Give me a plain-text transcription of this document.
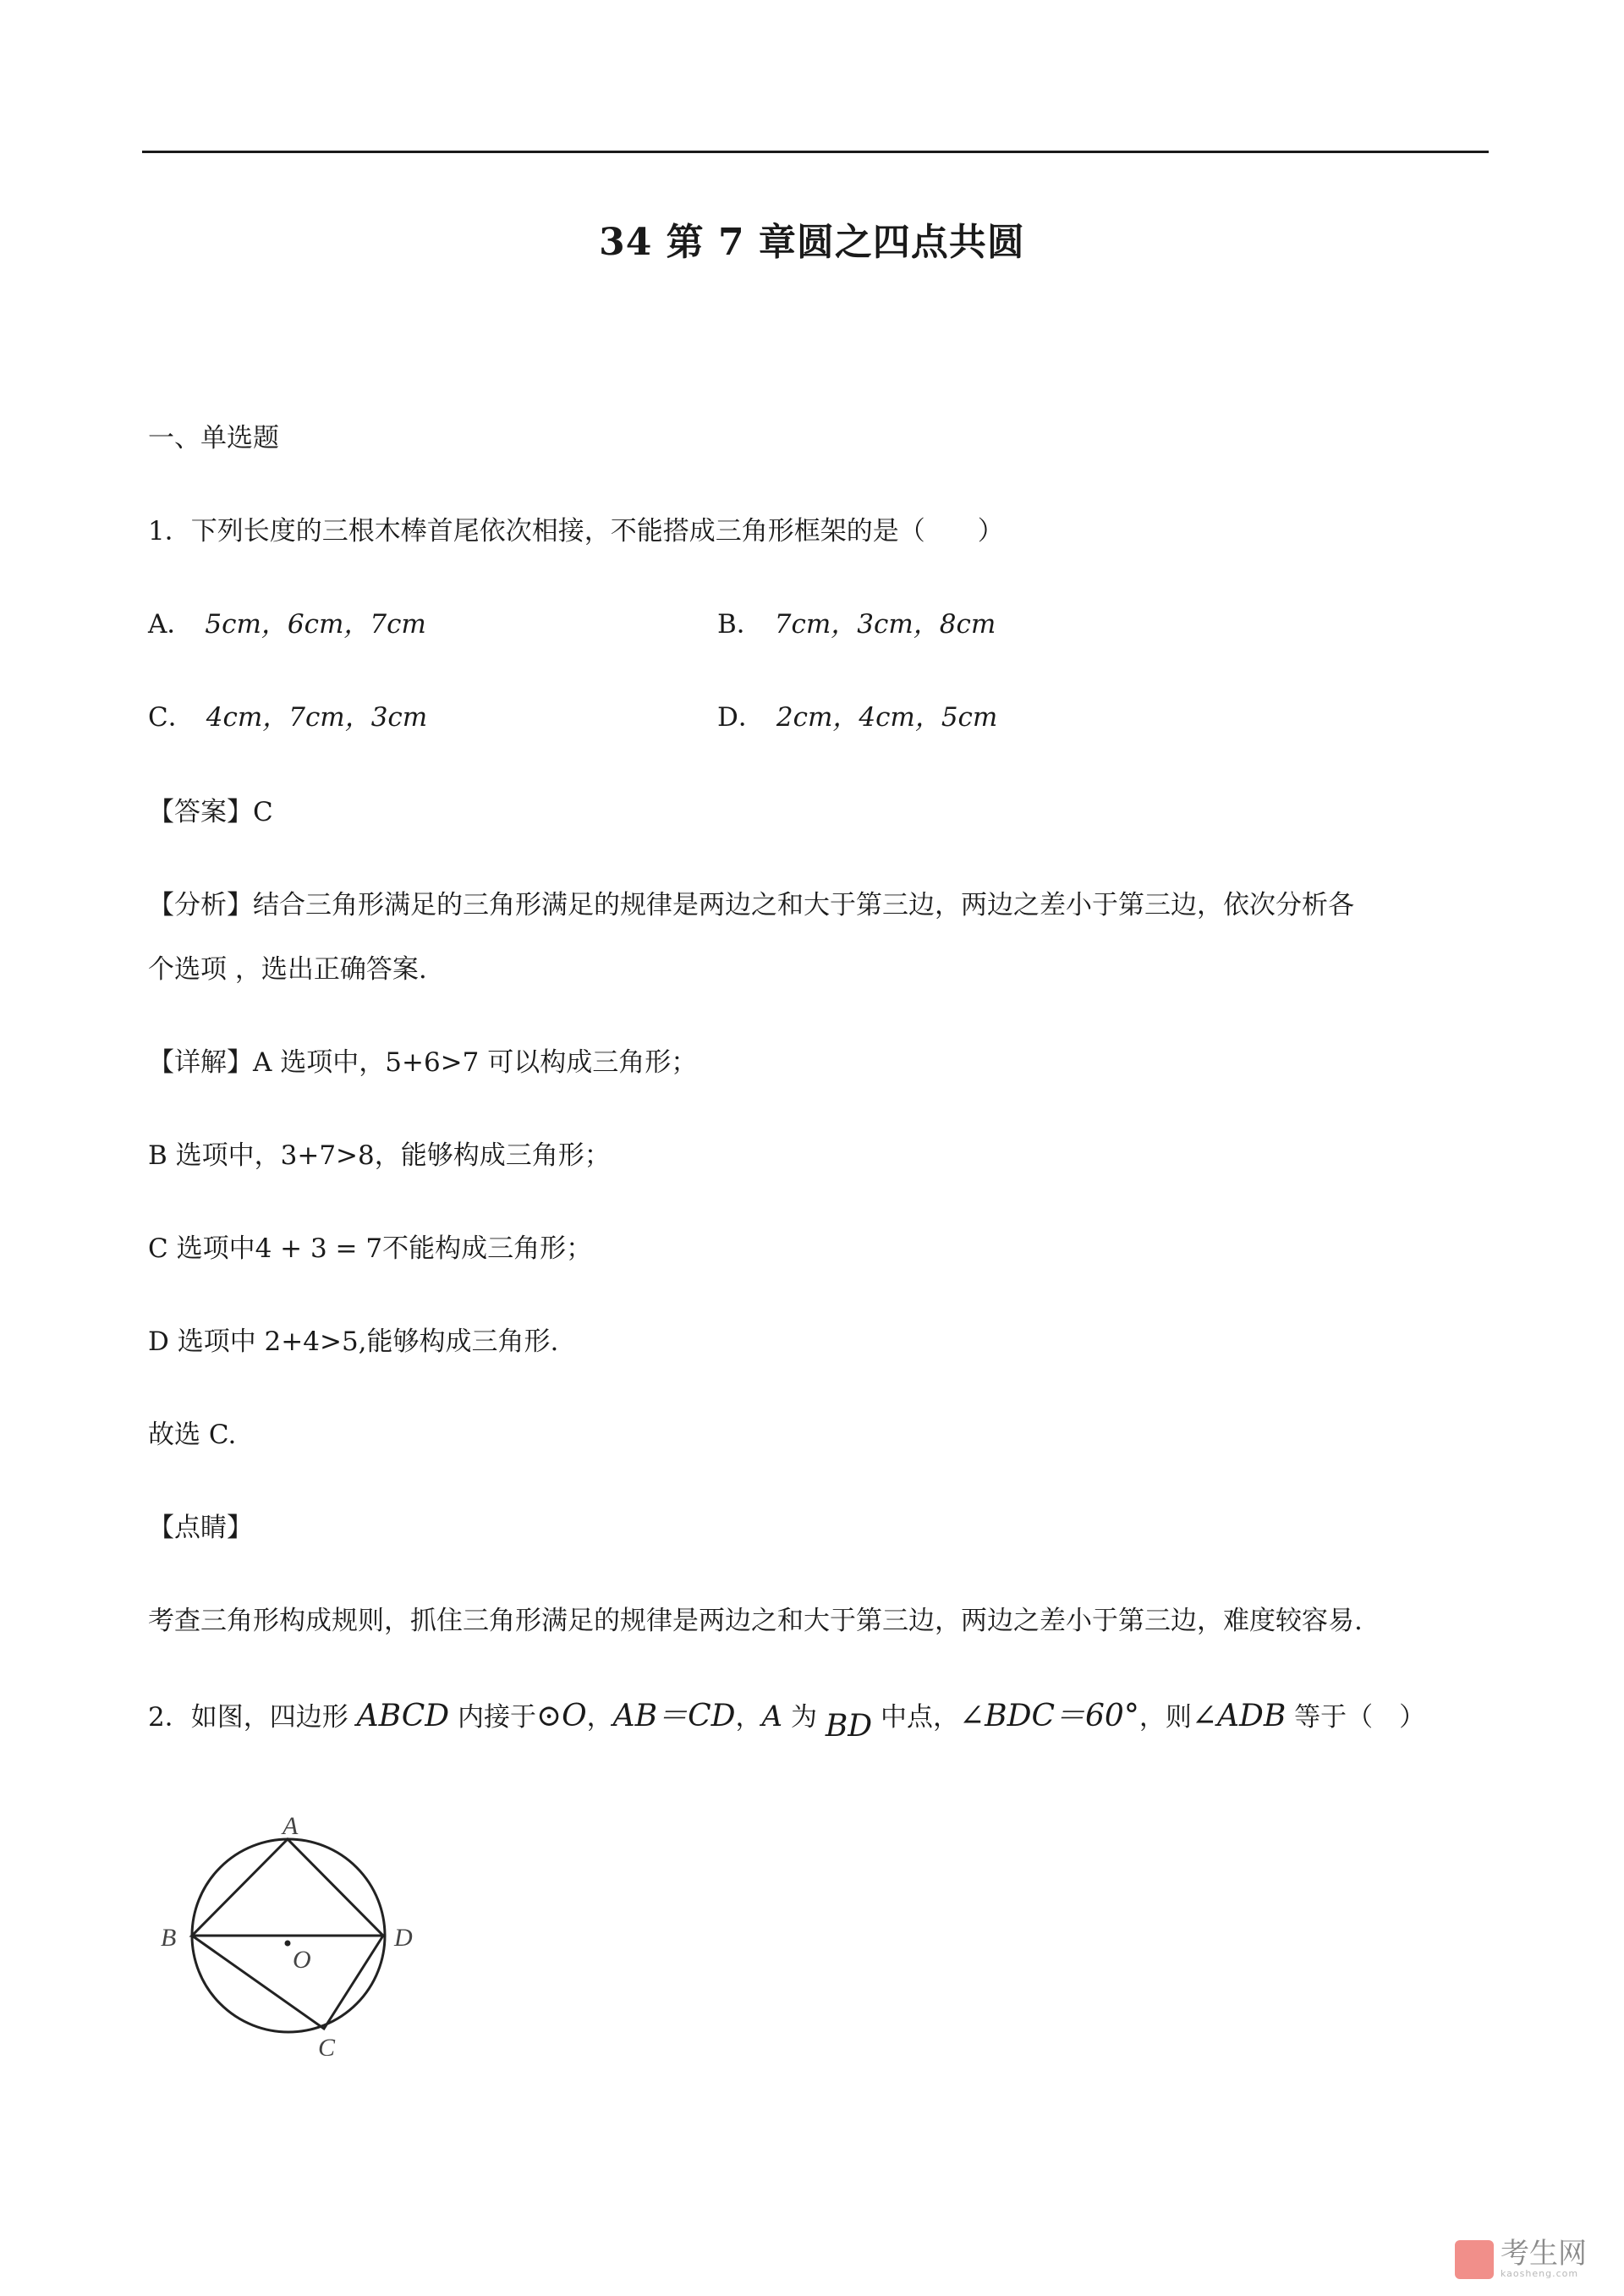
34 第 7 章圆之四点共圆
一、单选题
1．下列长度的三根木棒首尾依次相接，不能搭成三角形框架的是（　　）
A． 5cm，6cm，7cm	B． 7cm，3cm，8cm
C． 4cm，7cm，3cm	D． 2cm，4cm，5cm
【答案】C
【分析】结合三角形满足的三角形满足的规律是两边之和大于第三边，两边之差小于第三边，依次分析各
个选项 ，选出正确答案.
【详解】A 选项中，5+6>7 可以构成三角形；
B 选项中，3+7>8，能够构成三角形；
C 选项中4 + 3 = 7不能构成三角形；
D 选项中 2+4>5,能够构成三角形.
故选 C.
【点睛】
考查三角形构成规则，抓住三角形满足的规律是两边之和大于第三边，两边之差小于第三边，难度较容易.
2．如图，四边形 ABCD 内接于⊙O，AB＝CD，A 为 BD 中点，∠BDC＝60°，则∠ADB 等于（　）
A
B
C
D
O
考生网
kaosheng.com
